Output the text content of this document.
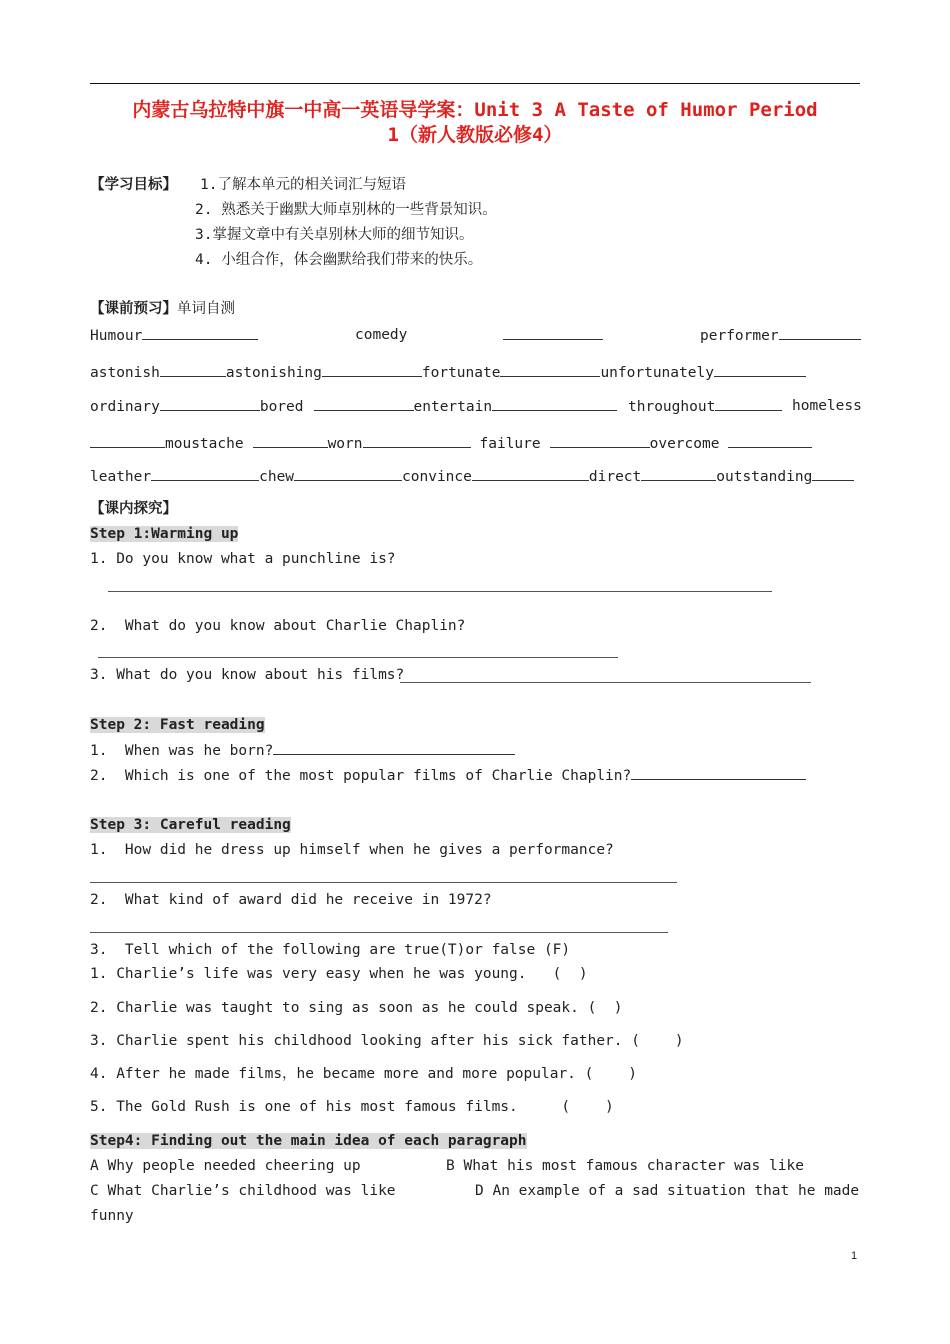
内蒙古乌拉特中旗一中高一英语导学案：Unit 3 A Taste of Humor Period
1（新人教版必修4）
【学习目标】 1.了解本单元的相关词汇与短语
2. 熟悉关于幽默大师卓别林的一些背景知识。
3.掌握文章中有关卓别林大师的细节知识。
4. 小组合作，体会幽默给我们带来的快乐。
【课前预习】单词自测
Humour	comedy	performer
astonish	astonishing	fortunate	unfortunately
ordinary	bored	entertain	throughout	homeless
moustache	worn	failure	overcome
leather	chew	convince	direct	outstanding
【课内探究】
Step 1:Warming up
1. Do you know what a punchline is?
2.  What do you know about Charlie Chaplin?
3. What do you know about his films?
Step 2: Fast reading
1.  When was he born?
2.  Which is one of the most popular films of Charlie Chaplin?
Step 3: Careful reading
1.  How did he dress up himself when he gives a performance?
2.  What kind of award did he receive in 1972?
3.  Tell which of the following are true(T)or false (F)
1. Charlie’s life was very easy when he was young.   (  )
2. Charlie was taught to sing as soon as he could speak. (  )
3. Charlie spent his childhood looking after his sick father. (    )
4. After he made films，he became more and more popular. (    )
5. The Gold Rush is one of his most famous films.     (    )
Step4: Finding out the main idea of each paragraph
A Why people needed cheering up	B What his most famous character was like
C What Charlie’s childhood was like	D An example of a sad situation that he made
funny
1
